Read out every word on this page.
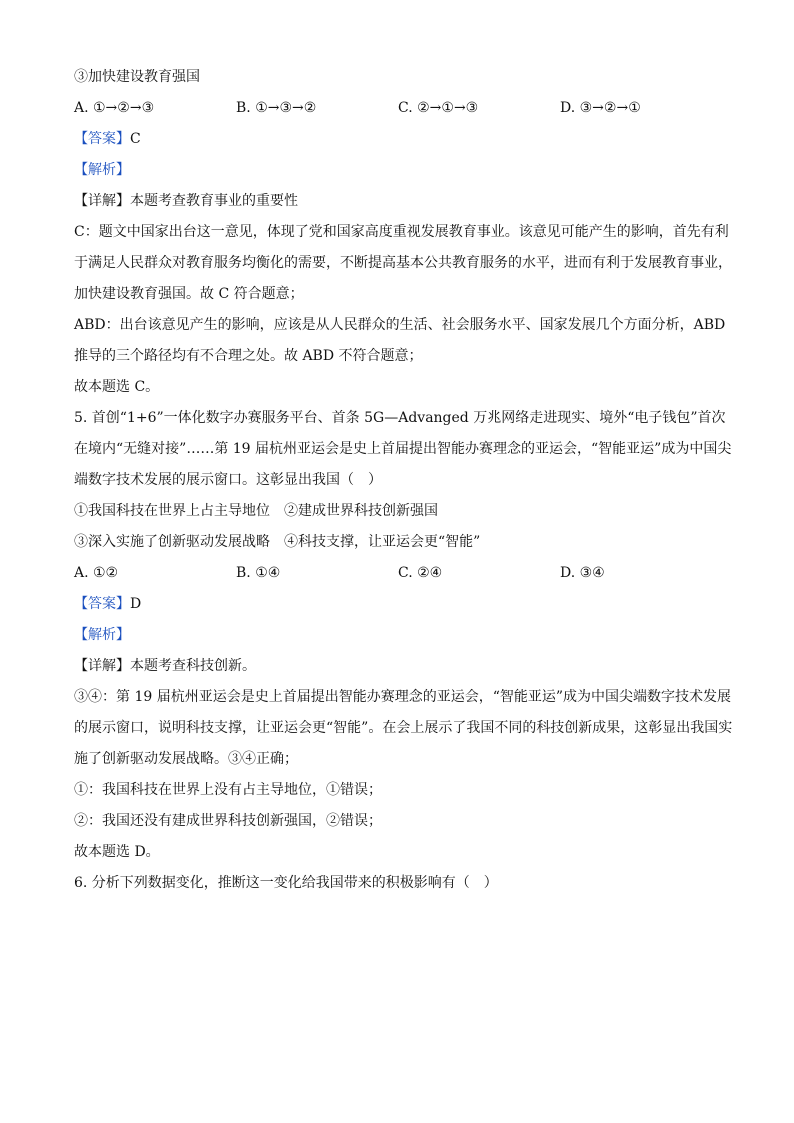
③加快建设教育强国
A. ①→②→③	B. ①→③→②	C. ②→①→③	D. ③→②→①
【答案】C
【解析】
【详解】本题考查教育事业的重要性
C：题文中国家出台这一意见，体现了党和国家高度重视发展教育事业。该意见可能产生的影响，首先有利于满足人民群众对教育服务均衡化的需要，不断提高基本公共教育服务的水平，进而有利于发展教育事业，加快建设教育强国。故 C 符合题意；
ABD：出台该意见产生的影响，应该是从人民群众的生活、社会服务水平、国家发展几个方面分析，ABD 推导的三个路径均有不合理之处。故 ABD 不符合题意；
故本题选 C。
5. 首创“1+6”一体化数字办赛服务平台、首条 5G—Advanged 万兆网络走进现实、境外“电子钱包”首次在境内“无缝对接”……第 19 届杭州亚运会是史上首届提出智能办赛理念的亚运会，“智能亚运”成为中国尖端数字技术发展的展示窗口。这彰显出我国（　）
①我国科技在世界上占主导地位　②建成世界科技创新强国
③深入实施了创新驱动发展战略　④科技支撑，让亚运会更“智能”
A. ①②	B. ①④	C. ②④	D. ③④
【答案】D
【解析】
【详解】本题考查科技创新。
③④：第 19 届杭州亚运会是史上首届提出智能办赛理念的亚运会，“智能亚运”成为中国尖端数字技术发展的展示窗口，说明科技支撑，让亚运会更“智能”。在会上展示了我国不同的科技创新成果，这彰显出我国实施了创新驱动发展战略。③④正确；
①：我国科技在世界上没有占主导地位，①错误；
②：我国还没有建成世界科技创新强国，②错误；
故本题选 D。
6. 分析下列数据变化，推断这一变化给我国带来的积极影响有（　）
